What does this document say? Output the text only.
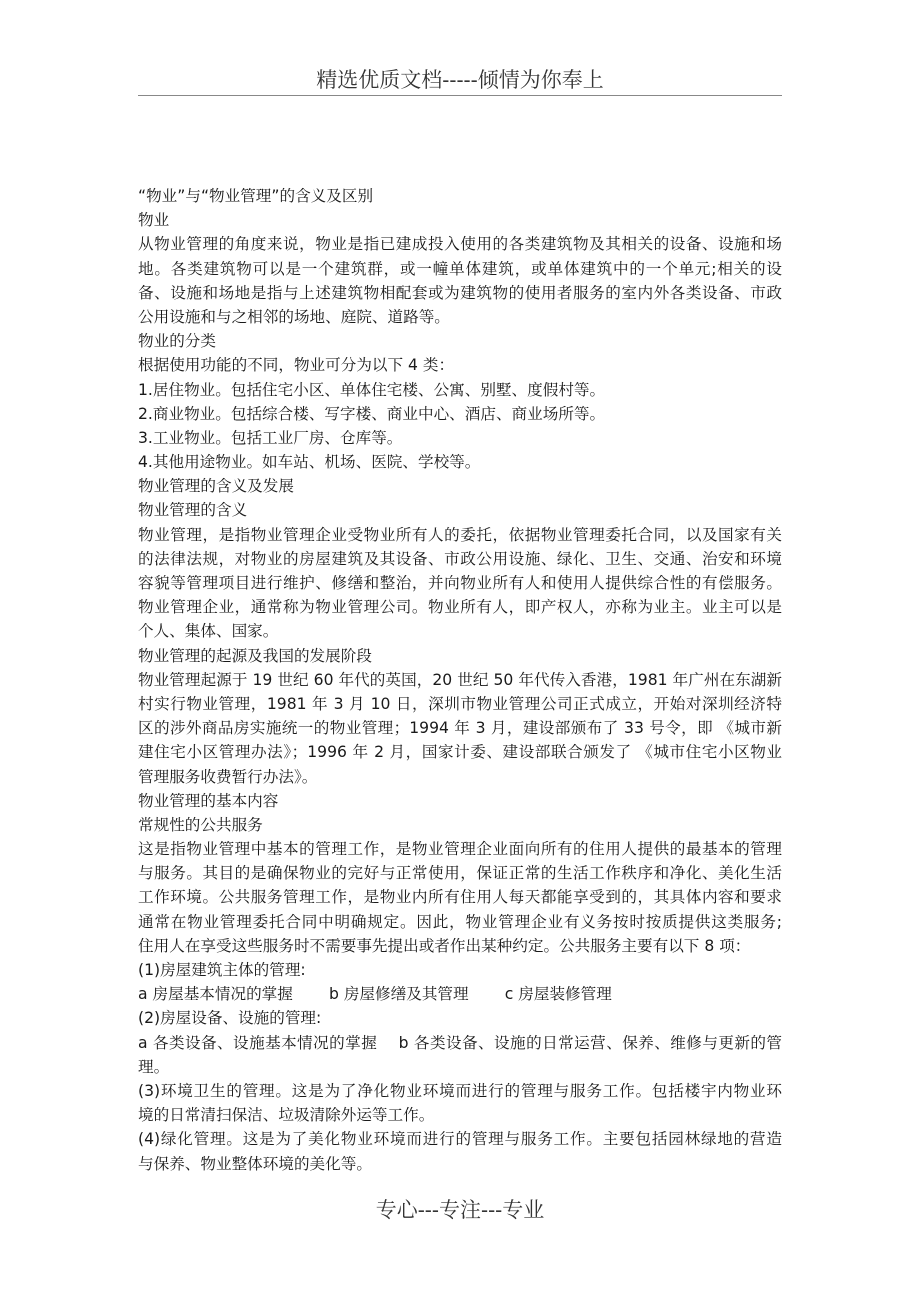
精选优质文档-----倾情为你奉上
“物业”与“物业管理”的含义及区别
物业
从物业管理的角度来说，物业是指已建成投入使用的各类建筑物及其相关的设备、设施和场
地。各类建筑物可以是一个建筑群，或一幢单体建筑，或单体建筑中的一个单元;相关的设
备、设施和场地是指与上述建筑物相配套或为建筑物的使用者服务的室内外各类设备、市政
公用设施和与之相邻的场地、庭院、道路等。
物业的分类
根据使用功能的不同，物业可分为以下 4 类：
1.居住物业。包括住宅小区、单体住宅楼、公寓、别墅、度假村等。
2.商业物业。包括综合楼、写字楼、商业中心、酒店、商业场所等。
3.工业物业。包括工业厂房、仓库等。
4.其他用途物业。如车站、机场、医院、学校等。
物业管理的含义及发展
物业管理的含义
物业管理，是指物业管理企业受物业所有人的委托，依据物业管理委托合同，以及国家有关
的法律法规，对物业的房屋建筑及其设备、市政公用设施、绿化、卫生、交通、治安和环境
容貌等管理项目进行维护、修缮和整治，并向物业所有人和使用人提供综合性的有偿服务。
物业管理企业，通常称为物业管理公司。物业所有人，即产权人，亦称为业主。业主可以是
个人、集体、国家。
物业管理的起源及我国的发展阶段
物业管理起源于 19 世纪 60 年代的英国，20 世纪 50 年代传入香港，1981 年广州在东湖新
村实行物业管理，1981 年 3 月 10 日，深圳市物业管理公司正式成立，开始对深圳经济特
区的涉外商品房实施统一的物业管理；1994 年 3 月，建设部颁布了 33 号令，即 《城市新
建住宅小区管理办法》；1996 年 2 月，国家计委、建设部联合颁发了 《城市住宅小区物业
管理服务收费暂行办法》。
物业管理的基本内容
常规性的公共服务
这是指物业管理中基本的管理工作，是物业管理企业面向所有的住用人提供的最基本的管理
与服务。其目的是确保物业的完好与正常使用，保证正常的生活工作秩序和净化、美化生活
工作环境。公共服务管理工作，是物业内所有住用人每天都能享受到的，其具体内容和要求
通常在物业管理委托合同中明确规定。因此，物业管理企业有义务按时按质提供这类服务;
住用人在享受这些服务时不需要事先提出或者作出某种约定。公共服务主要有以下 8 项：
(1)房屋建筑主体的管理:
a 房屋基本情况的掌握　　 b 房屋修缮及其管理　　 c 房屋装修管理
(2)房屋设备、设施的管理:
a 各类设备、设施基本情况的掌握　 b 各类设备、设施的日常运营、保养、维修与更新的管
理。
(3)环境卫生的管理。这是为了净化物业环境而进行的管理与服务工作。包括楼宇内物业环
境的日常清扫保洁、垃圾清除外运等工作。
(4)绿化管理。这是为了美化物业环境而进行的管理与服务工作。主要包括园林绿地的营造
与保养、物业整体环境的美化等。
专心---专注---专业
